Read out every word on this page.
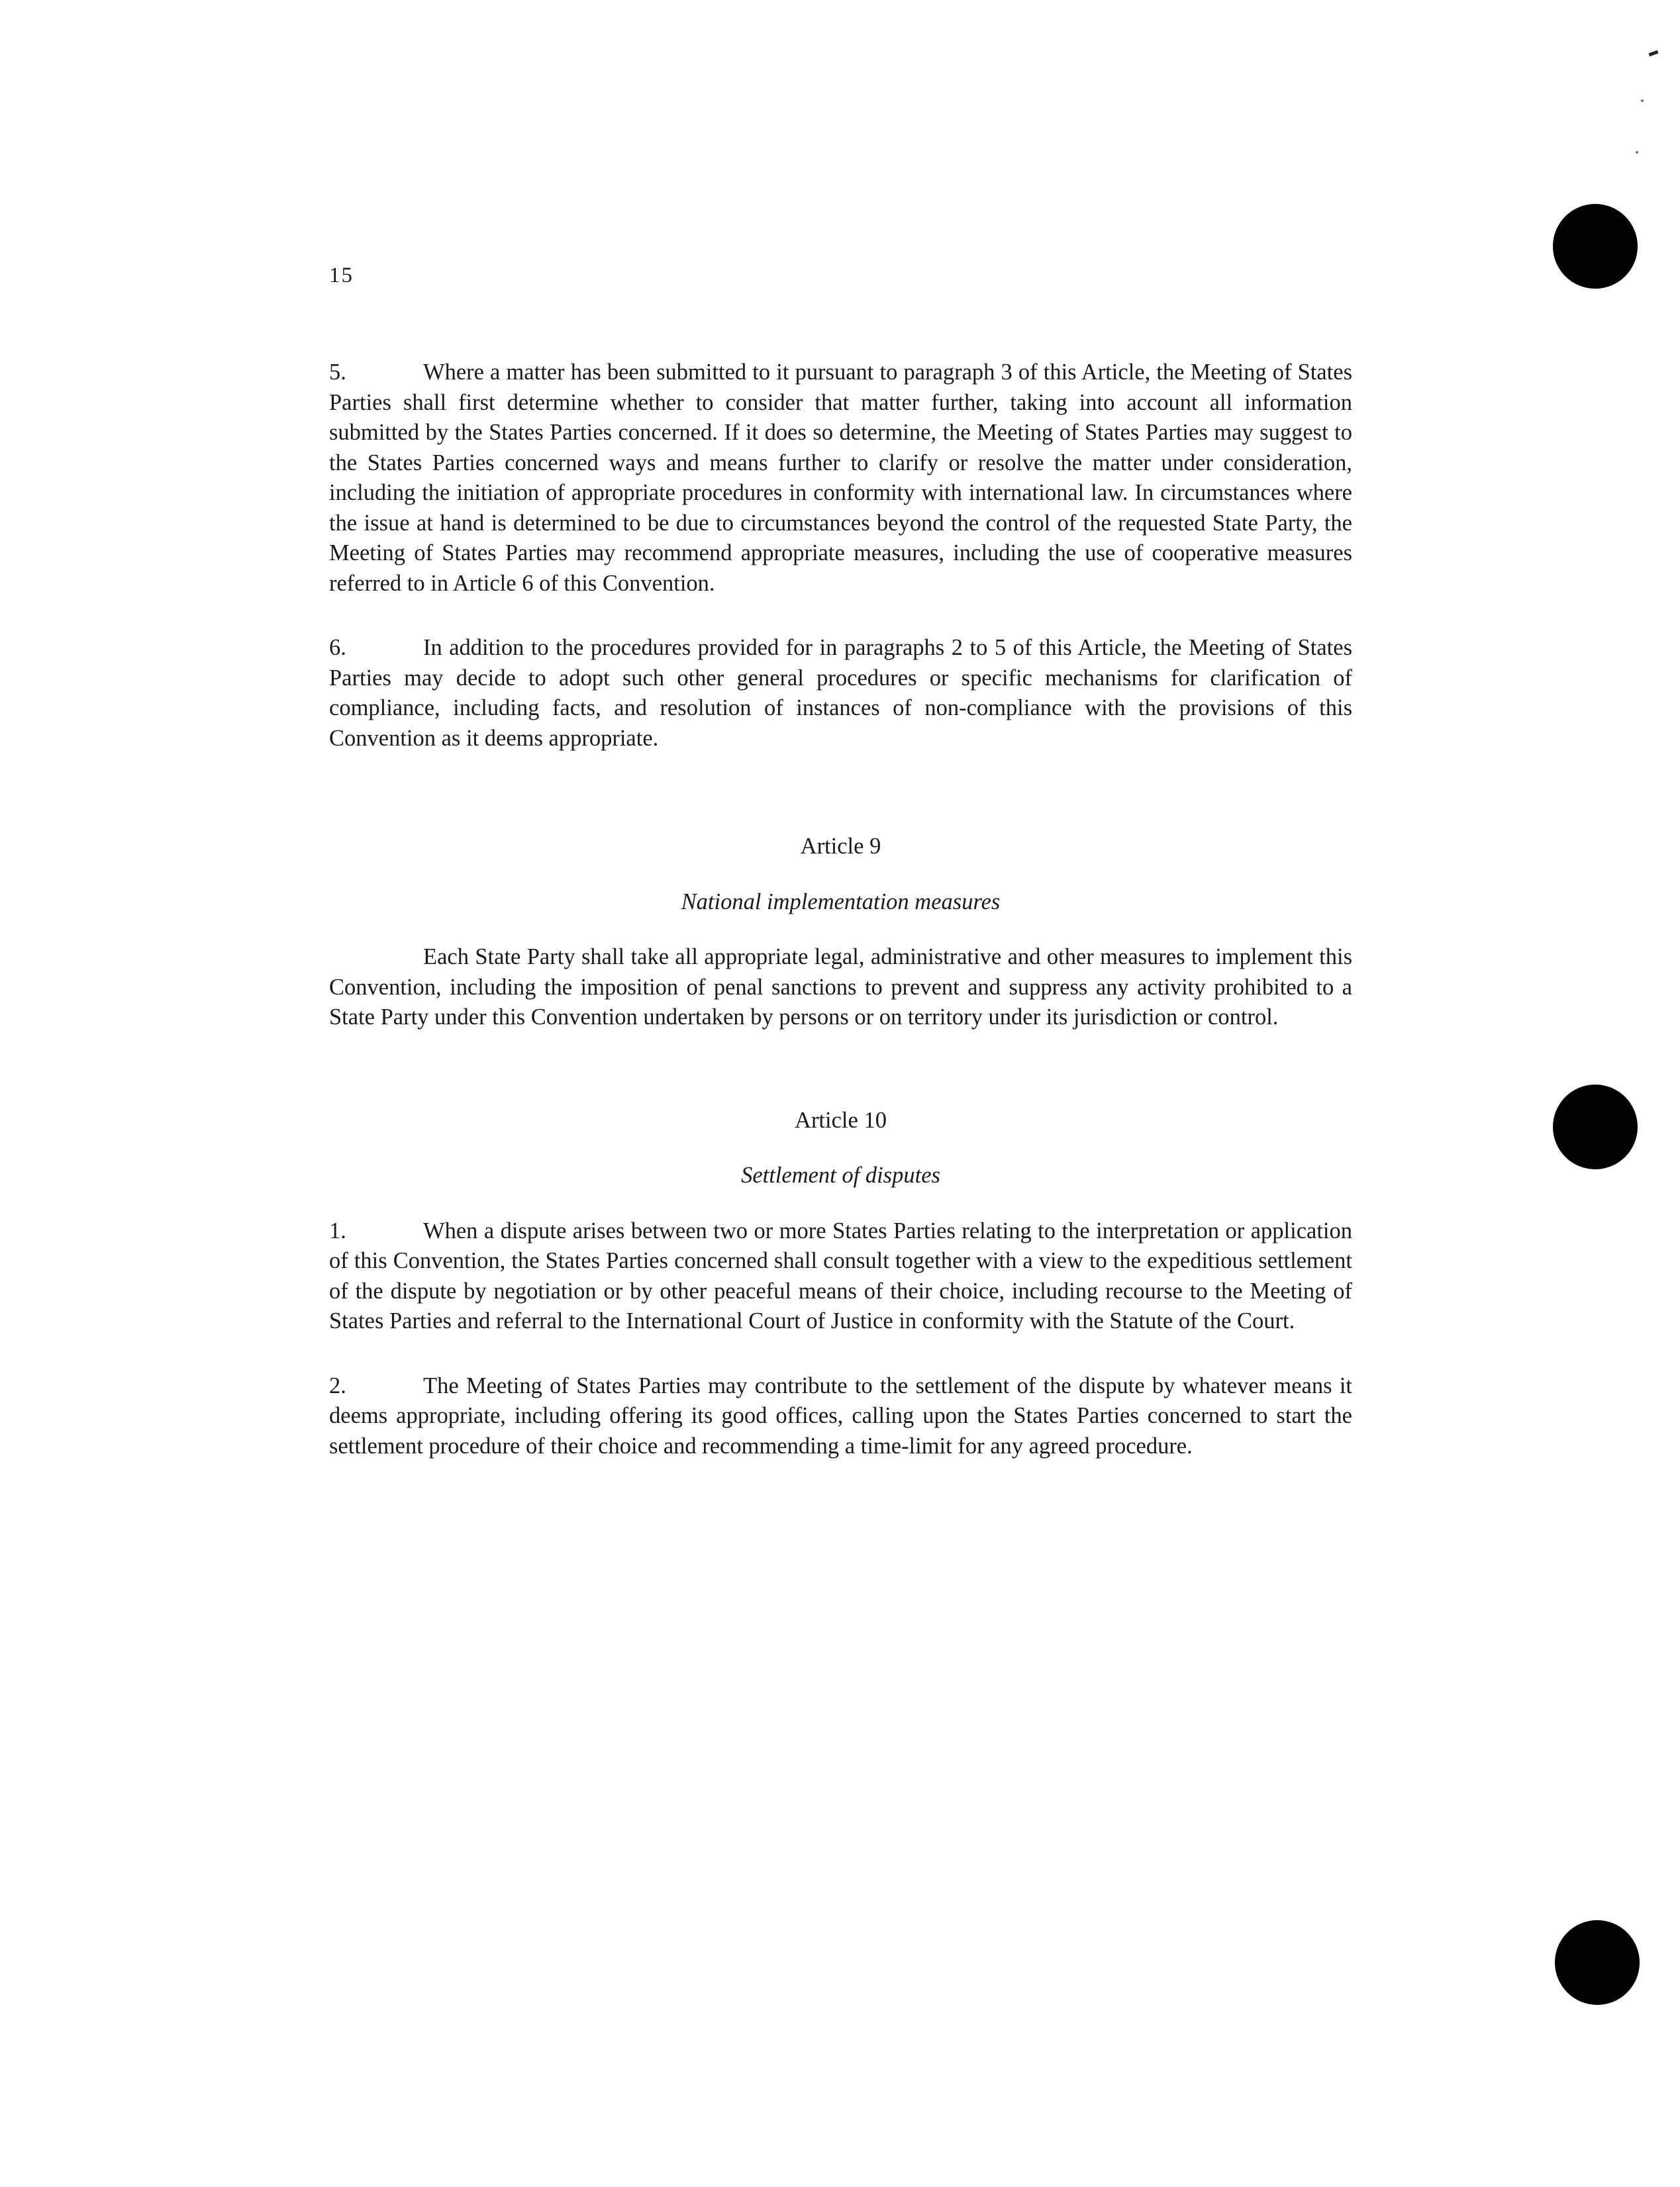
15

5.	Where a matter has been submitted to it pursuant to paragraph 3 of this Article, the Meeting of States Parties shall first determine whether to consider that matter further, taking into account all information submitted by the States Parties concerned. If it does so determine, the Meeting of States Parties may suggest to the States Parties concerned ways and means further to clarify or resolve the matter under consideration, including the initiation of appropriate procedures in conformity with international law. In circumstances where the issue at hand is determined to be due to circumstances beyond the control of the requested State Party, the Meeting of States Parties may recommend appropriate measures, including the use of cooperative measures referred to in Article 6 of this Convention.

6.	In addition to the procedures provided for in paragraphs 2 to 5 of this Article, the Meeting of States Parties may decide to adopt such other general procedures or specific mechanisms for clarification of compliance, including facts, and resolution of instances of non-compliance with the provisions of this Convention as it deems appropriate.

Article 9

National implementation measures

Each State Party shall take all appropriate legal, administrative and other measures to implement this Convention, including the imposition of penal sanctions to prevent and suppress any activity prohibited to a State Party under this Convention undertaken by persons or on territory under its jurisdiction or control.

Article 10

Settlement of disputes

1.	When a dispute arises between two or more States Parties relating to the interpretation or application of this Convention, the States Parties concerned shall consult together with a view to the expeditious settlement of the dispute by negotiation or by other peaceful means of their choice, including recourse to the Meeting of States Parties and referral to the International Court of Justice in conformity with the Statute of the Court.

2.	The Meeting of States Parties may contribute to the settlement of the dispute by whatever means it deems appropriate, including offering its good offices, calling upon the States Parties concerned to start the settlement procedure of their choice and recommending a time-limit for any agreed procedure.
